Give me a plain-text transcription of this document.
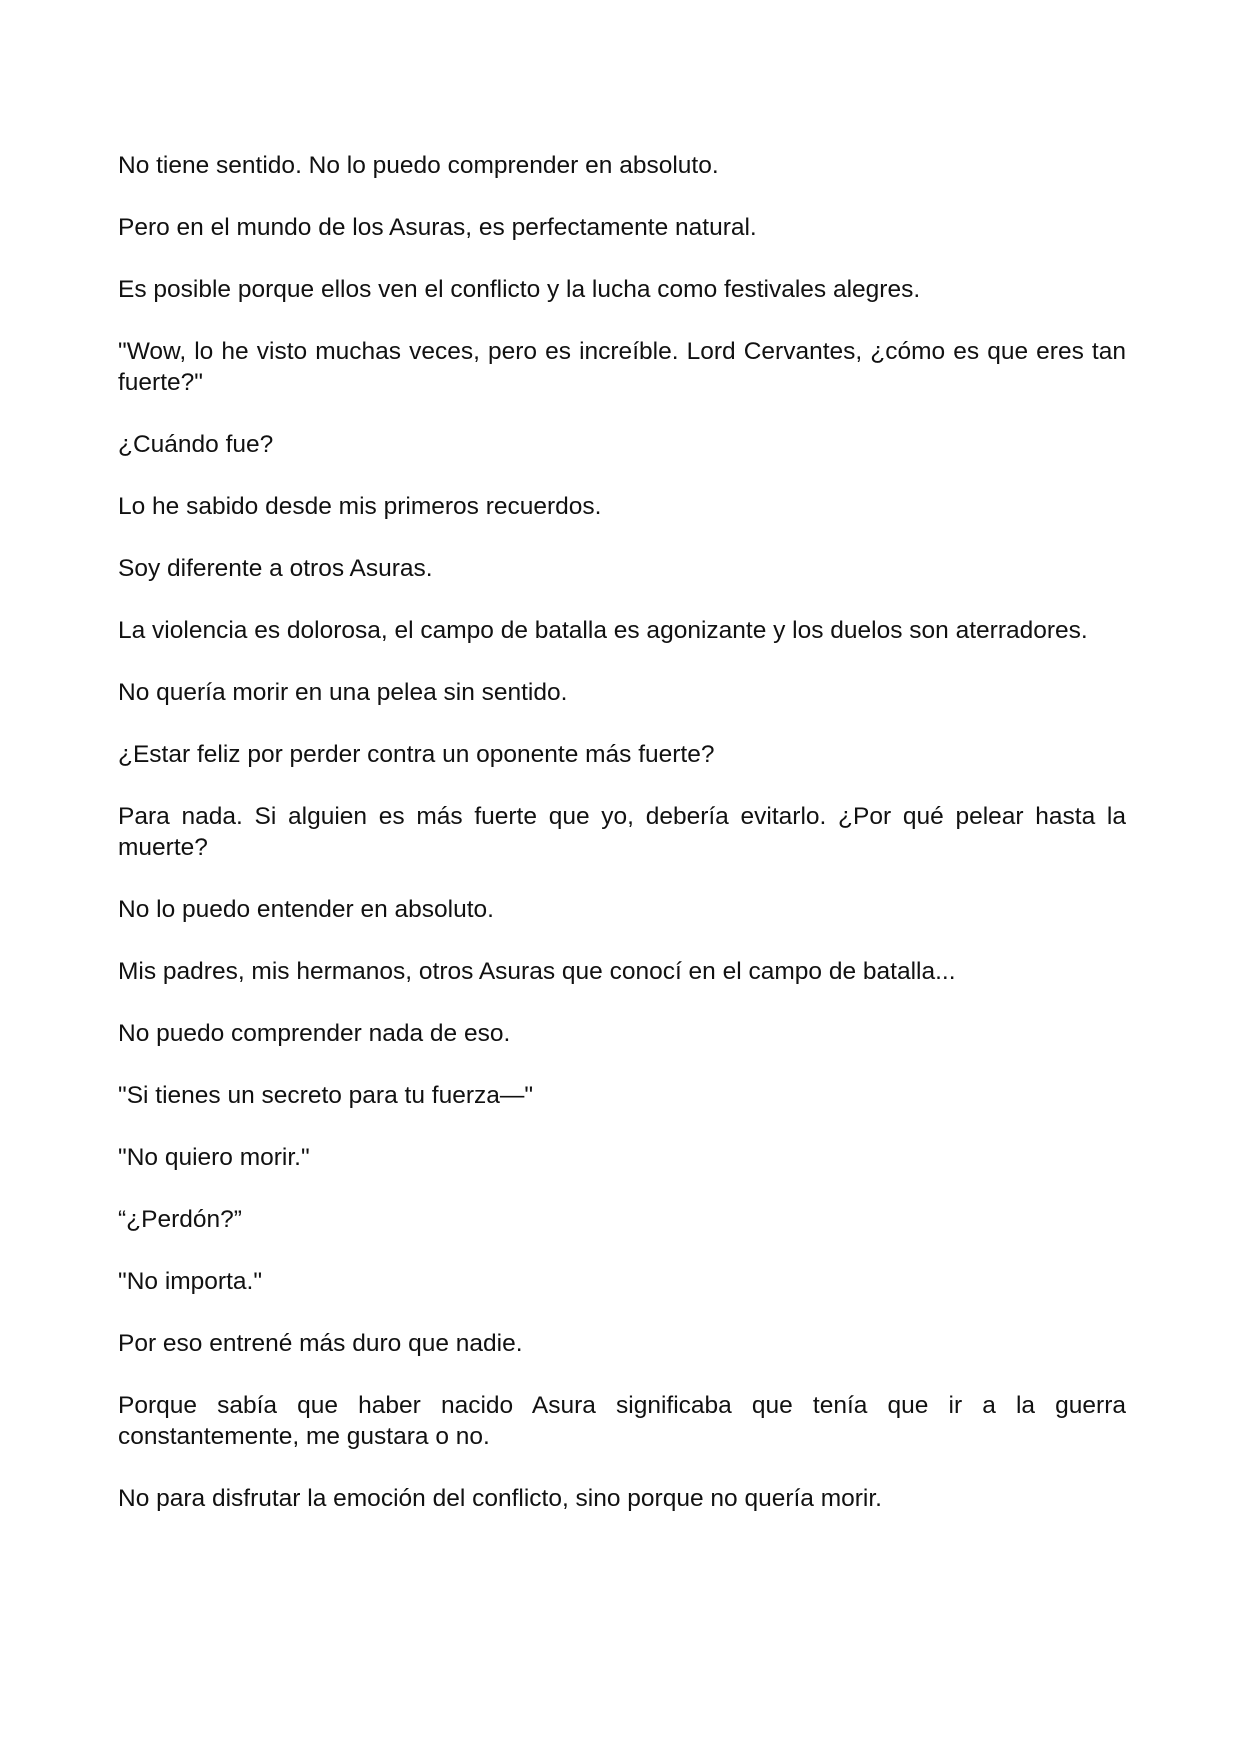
No tiene sentido. No lo puedo comprender en absoluto.

Pero en el mundo de los Asuras, es perfectamente natural.

Es posible porque ellos ven el conflicto y la lucha como festivales alegres.

"Wow, lo he visto muchas veces, pero es increíble. Lord Cervantes, ¿cómo es que eres tan fuerte?"

¿Cuándo fue?

Lo he sabido desde mis primeros recuerdos.

Soy diferente a otros Asuras.

La violencia es dolorosa, el campo de batalla es agonizante y los duelos son aterradores.

No quería morir en una pelea sin sentido.

¿Estar feliz por perder contra un oponente más fuerte?

Para nada. Si alguien es más fuerte que yo, debería evitarlo. ¿Por qué pelear hasta la muerte?

No lo puedo entender en absoluto.

Mis padres, mis hermanos, otros Asuras que conocí en el campo de batalla...

No puedo comprender nada de eso.

"Si tienes un secreto para tu fuerza—"

"No quiero morir."

“¿Perdón?”

"No importa."

Por eso entrené más duro que nadie.

Porque sabía que haber nacido Asura significaba que tenía que ir a la guerra constantemente, me gustara o no.

No para disfrutar la emoción del conflicto, sino porque no quería morir.
